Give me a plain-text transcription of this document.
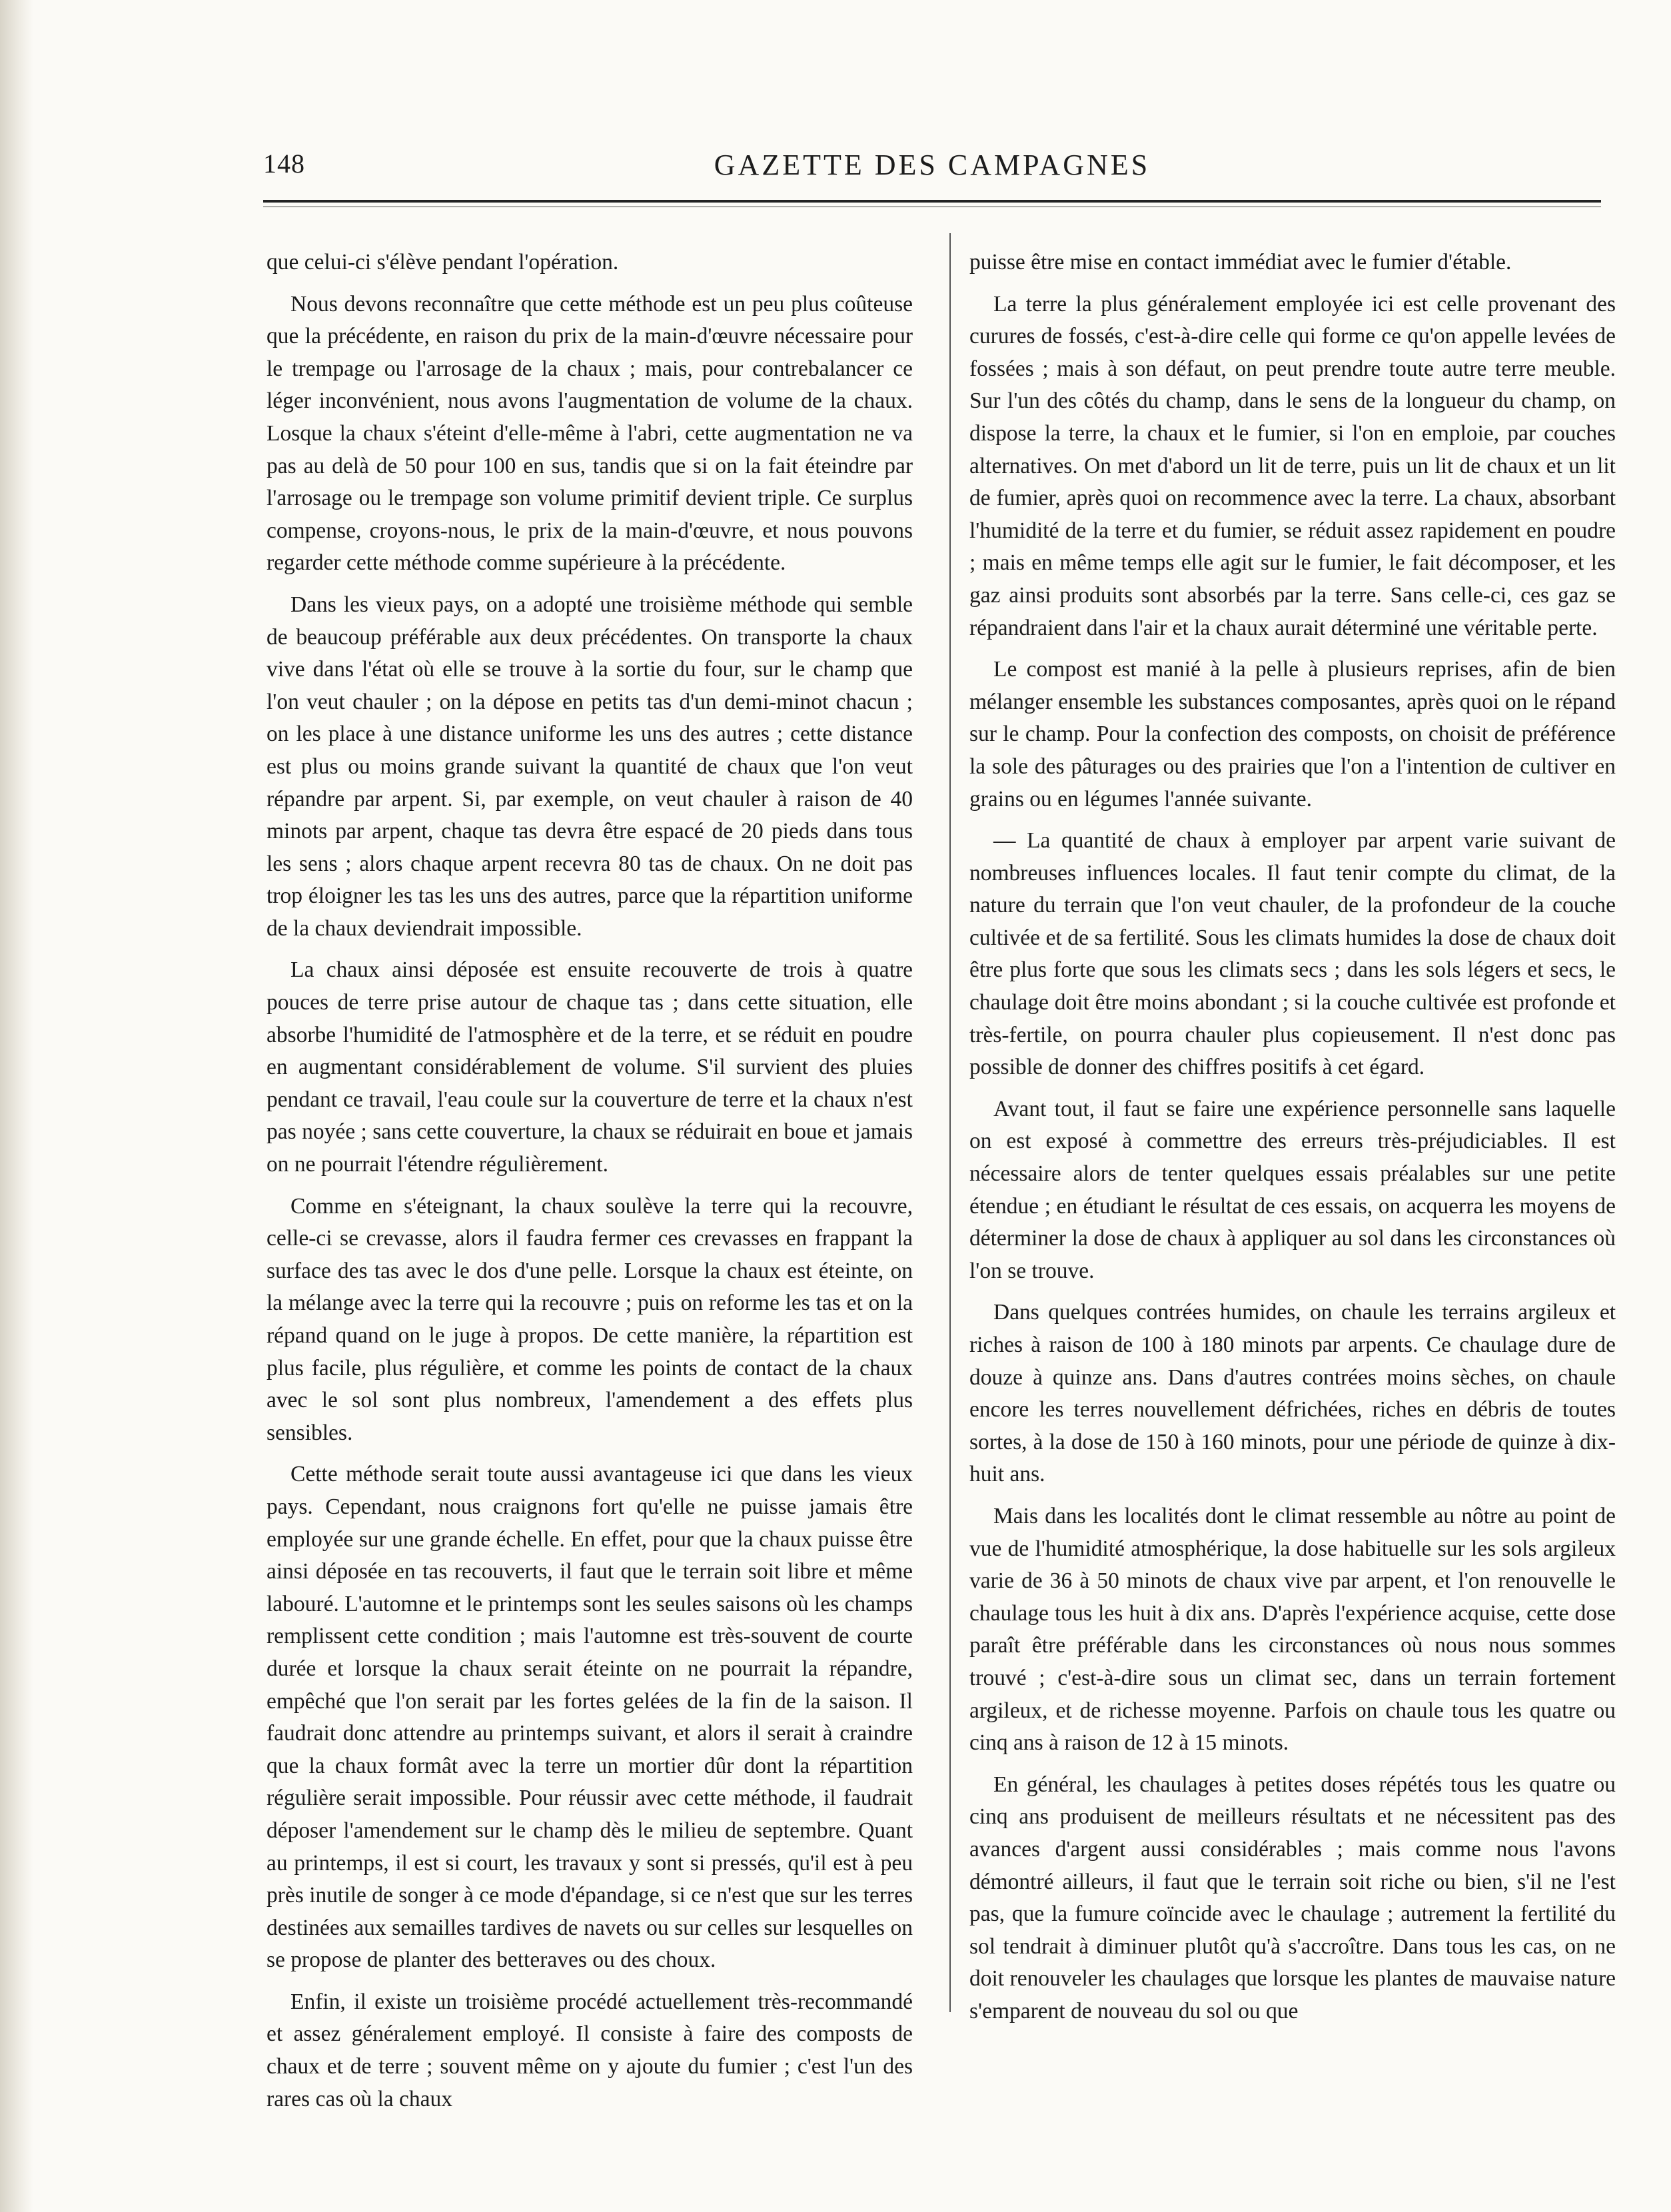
148	GAZETTE DES CAMPAGNES

que celui-ci s'élève pendant l'opération.

Nous devons reconnaître que cette méthode est un peu plus coûteuse que la précédente, en raison du prix de la main-d'œuvre nécessaire pour le trempage ou l'arrosage de la chaux ; mais, pour contrebalancer ce léger inconvénient, nous avons l'augmentation de volume de la chaux. Losque la chaux s'éteint d'elle-même à l'abri, cette augmentation ne va pas au delà de 50 pour 100 en sus, tandis que si on la fait éteindre par l'arrosage ou le trempage son volume primitif devient triple. Ce surplus compense, croyons-nous, le prix de la main-d'œuvre, et nous pouvons regarder cette méthode comme supérieure à la précédente.

Dans les vieux pays, on a adopté une troisième méthode qui semble de beaucoup préférable aux deux précédentes. On transporte la chaux vive dans l'état où elle se trouve à la sortie du four, sur le champ que l'on veut chauler ; on la dépose en petits tas d'un demi-minot chacun ; on les place à une distance uniforme les uns des autres ; cette distance est plus ou moins grande suivant la quantité de chaux que l'on veut répandre par arpent. Si, par exemple, on veut chauler à raison de 40 minots par arpent, chaque tas devra être espacé de 20 pieds dans tous les sens ; alors chaque arpent recevra 80 tas de chaux. On ne doit pas trop éloigner les tas les uns des autres, parce que la répartition uniforme de la chaux deviendrait impossible.

La chaux ainsi déposée est ensuite recouverte de trois à quatre pouces de terre prise autour de chaque tas ; dans cette situation, elle absorbe l'humidité de l'atmosphère et de la terre, et se réduit en poudre en augmentant considérablement de volume. S'il survient des pluies pendant ce travail, l'eau coule sur la couverture de terre et la chaux n'est pas noyée ; sans cette couverture, la chaux se réduirait en boue et jamais on ne pourrait l'étendre régulièrement.

Comme en s'éteignant, la chaux soulève la terre qui la recouvre, celle-ci se crevasse, alors il faudra fermer ces crevasses en frappant la surface des tas avec le dos d'une pelle. Lorsque la chaux est éteinte, on la mélange avec la terre qui la recouvre ; puis on reforme les tas et on la répand quand on le juge à propos. De cette manière, la répartition est plus facile, plus régulière, et comme les points de contact de la chaux avec le sol sont plus nombreux, l'amendement a des effets plus sensibles.

Cette méthode serait toute aussi avantageuse ici que dans les vieux pays. Cependant, nous craignons fort qu'elle ne puisse jamais être employée sur une grande échelle. En effet, pour que la chaux puisse être ainsi déposée en tas recouverts, il faut que le terrain soit libre et même labouré. L'automne et le printemps sont les seules saisons où les champs remplissent cette condition ; mais l'automne est très-souvent de courte durée et lorsque la chaux serait éteinte on ne pourrait la répandre, empêché que l'on serait par les fortes gelées de la fin de la saison. Il faudrait donc attendre au printemps suivant, et alors il serait à craindre que la chaux formât avec la terre un mortier dûr dont la répartition régulière serait impossible. Pour réussir avec cette méthode, il faudrait déposer l'amendement sur le champ dès le milieu de septembre. Quant au printemps, il est si court, les travaux y sont si pressés, qu'il est à peu près inutile de songer à ce mode d'épandage, si ce n'est que sur les terres destinées aux semailles tardives de navets ou sur celles sur lesquelles on se propose de planter des betteraves ou des choux.

Enfin, il existe un troisième procédé actuellement très-recommandé et assez généralement employé. Il consiste à faire des composts de chaux et de terre ; souvent même on y ajoute du fumier ; c'est l'un des rares cas où la chaux

puisse être mise en contact immédiat avec le fumier d'étable.

La terre la plus généralement employée ici est celle provenant des curures de fossés, c'est-à-dire celle qui forme ce qu'on appelle levées de fossées ; mais à son défaut, on peut prendre toute autre terre meuble. Sur l'un des côtés du champ, dans le sens de la longueur du champ, on dispose la terre, la chaux et le fumier, si l'on en emploie, par couches alternatives. On met d'abord un lit de terre, puis un lit de chaux et un lit de fumier, après quoi on recommence avec la terre. La chaux, absorbant l'humidité de la terre et du fumier, se réduit assez rapidement en poudre ; mais en même temps elle agit sur le fumier, le fait décomposer, et les gaz ainsi produits sont absorbés par la terre. Sans celle-ci, ces gaz se répandraient dans l'air et la chaux aurait déterminé une véritable perte.

Le compost est manié à la pelle à plusieurs reprises, afin de bien mélanger ensemble les substances composantes, après quoi on le répand sur le champ. Pour la confection des composts, on choisit de préférence la sole des pâturages ou des prairies que l'on a l'intention de cultiver en grains ou en légumes l'année suivante.

— La quantité de chaux à employer par arpent varie suivant de nombreuses influences locales. Il faut tenir compte du climat, de la nature du terrain que l'on veut chauler, de la profondeur de la couche cultivée et de sa fertilité. Sous les climats humides la dose de chaux doit être plus forte que sous les climats secs ; dans les sols légers et secs, le chaulage doit être moins abondant ; si la couche cultivée est profonde et très-fertile, on pourra chauler plus copieusement. Il n'est donc pas possible de donner des chiffres positifs à cet égard.

Avant tout, il faut se faire une expérience personnelle sans laquelle on est exposé à commettre des erreurs très-préjudiciables. Il est nécessaire alors de tenter quelques essais préalables sur une petite étendue ; en étudiant le résultat de ces essais, on acquerra les moyens de déterminer la dose de chaux à appliquer au sol dans les circonstances où l'on se trouve.

Dans quelques contrées humides, on chaule les terrains argileux et riches à raison de 100 à 180 minots par arpents. Ce chaulage dure de douze à quinze ans. Dans d'autres contrées moins sèches, on chaule encore les terres nouvellement défrichées, riches en débris de toutes sortes, à la dose de 150 à 160 minots, pour une période de quinze à dix-huit ans.

Mais dans les localités dont le climat ressemble au nôtre au point de vue de l'humidité atmosphérique, la dose habituelle sur les sols argileux varie de 36 à 50 minots de chaux vive par arpent, et l'on renouvelle le chaulage tous les huit à dix ans. D'après l'expérience acquise, cette dose paraît être préférable dans les circonstances où nous nous sommes trouvé ; c'est-à-dire sous un climat sec, dans un terrain fortement argileux, et de richesse moyenne. Parfois on chaule tous les quatre ou cinq ans à raison de 12 à 15 minots.

En général, les chaulages à petites doses répétés tous les quatre ou cinq ans produisent de meilleurs résultats et ne nécessitent pas des avances d'argent aussi considérables ; mais comme nous l'avons démontré ailleurs, il faut que le terrain soit riche ou bien, s'il ne l'est pas, que la fumure coïncide avec le chaulage ; autrement la fertilité du sol tendrait à diminuer plutôt qu'à s'accroître. Dans tous les cas, on ne doit renouveler les chaulages que lorsque les plantes de mauvaise nature s'emparent de nouveau du sol ou que
